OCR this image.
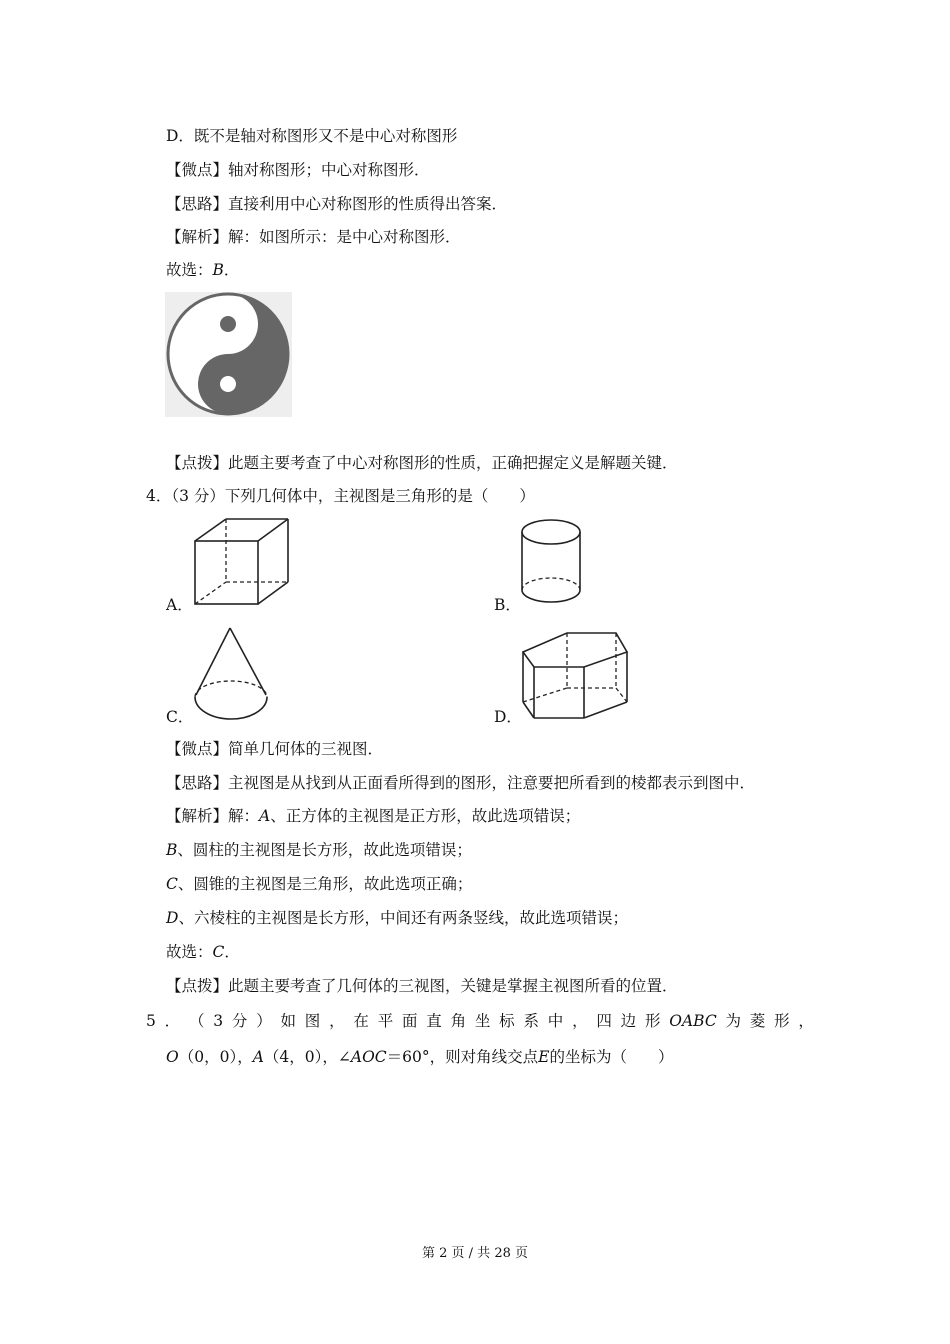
D．既不是轴对称图形又不是中心对称图形
【微点】轴对称图形；中心对称图形．
【思路】直接利用中心对称图形的性质得出答案．
【解析】解：如图所示：是中心对称图形．
故选：B．
【点拨】此题主要考查了中心对称图形的性质，正确把握定义是解题关键．
4．（3 分）下列几何体中，主视图是三角形的是（　　）
A．	B．
C．	D．
【微点】简单几何体的三视图．
【思路】主视图是从找到从正面看所得到的图形，注意要把所看到的棱都表示到图中．
【解析】解：A、正方体的主视图是正方形，故此选项错误；
B、圆柱的主视图是长方形，故此选项错误；
C、圆锥的主视图是三角形，故此选项正确；
D、六棱柱的主视图是长方形，中间还有两条竖线，故此选项错误；
故选：C．
【点拨】此题主要考查了几何体的三视图，关键是掌握主视图所看的位置．
5 ． （ 3 分 ） 如 图 ， 在 平 面 直 角 坐 标 系 中 ， 四 边 形 OABC 为 菱 形 ，
O（0，0），A（4，0），∠AOC＝60°，则对角线交点E的坐标为（　　）
第 2 页 / 共 28 页
